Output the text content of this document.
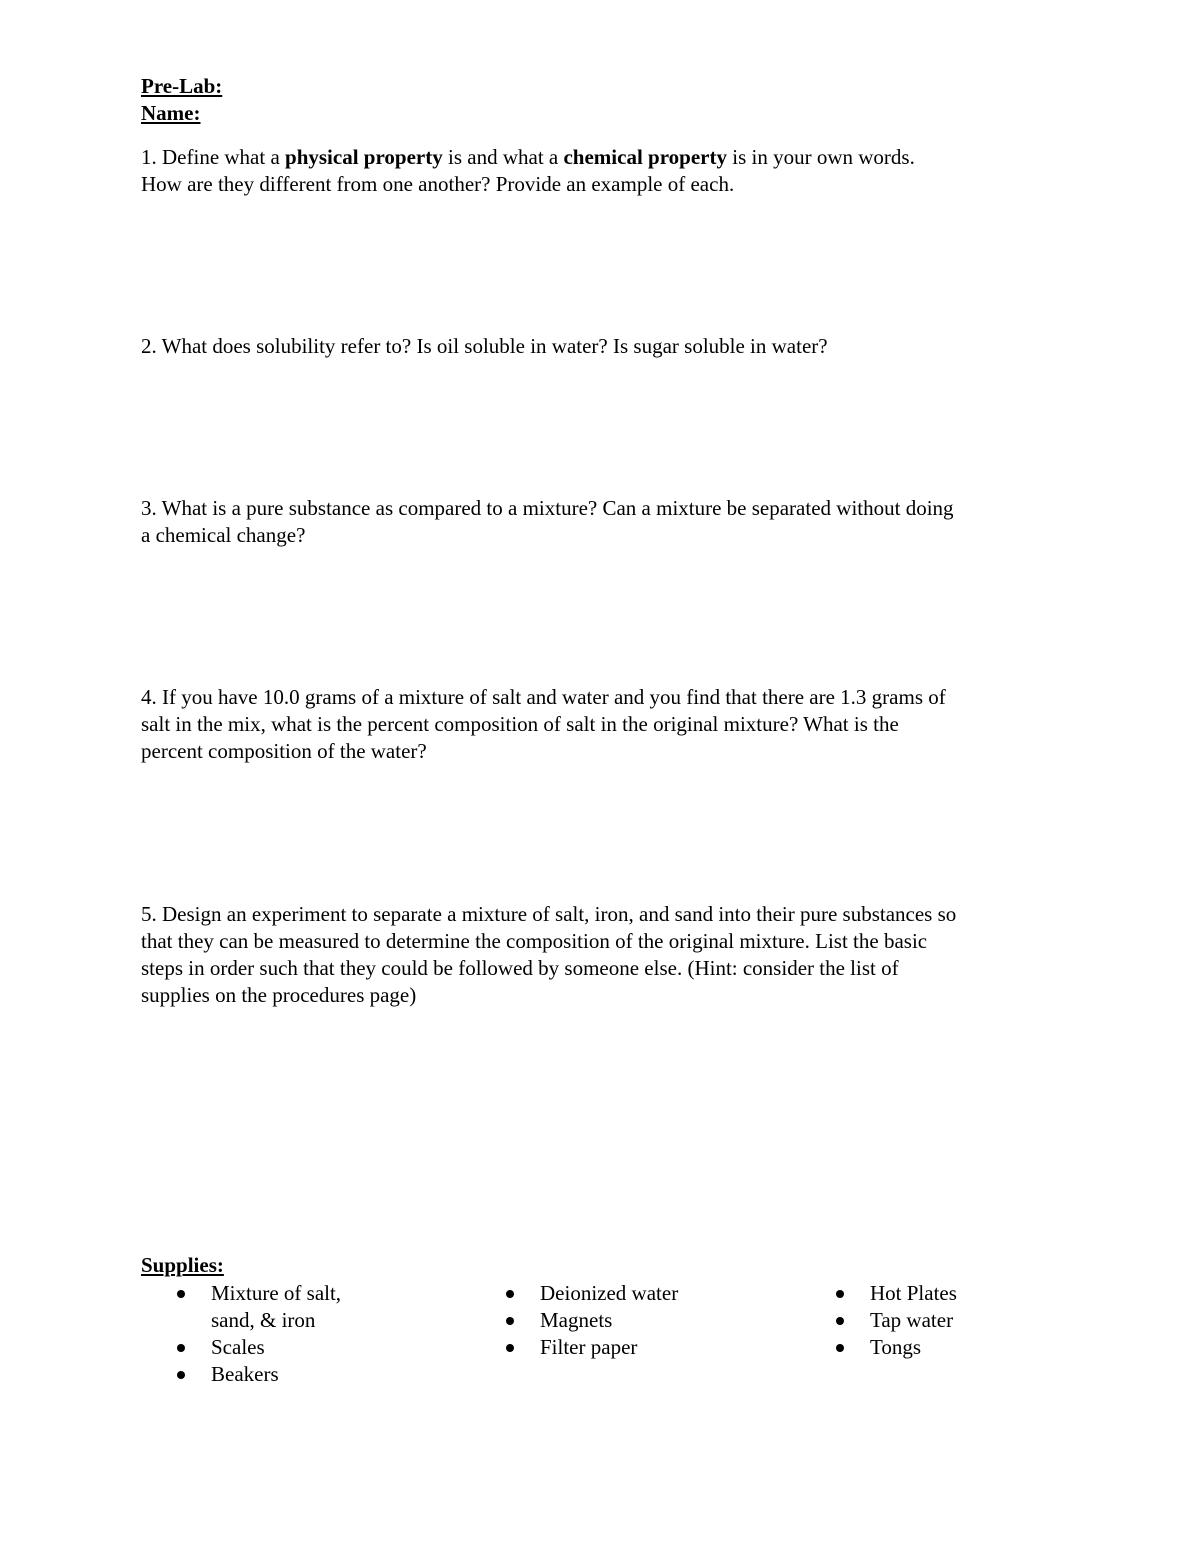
Pre-Lab:

Name:

1. Define what a physical property is and what a chemical property is in your own words.
How are they different from one another? Provide an example of each.
2. What does solubility refer to? Is oil soluble in water? Is sugar soluble in water?
3. What is a pure substance as compared to a mixture? Can a mixture be separated without doing
a chemical change?
4. If you have 10.0 grams of a mixture of salt and water and you find that there are 1.3 grams of
salt in the mix, what is the percent composition of salt in the original mixture? What is the
percent composition of the water?
5. Design an experiment to separate a mixture of salt, iron, and sand into their pure substances so
that they can be measured to determine the composition of the original mixture. List the basic
steps in order such that they could be followed by someone else. (Hint: consider the list of
supplies on the procedures page)

Supplies:

Mixture of salt,
sand, & iron
Scales
Beakers
Deionized water
Magnets
Filter paper
Hot Plates
Tap water
Tongs
